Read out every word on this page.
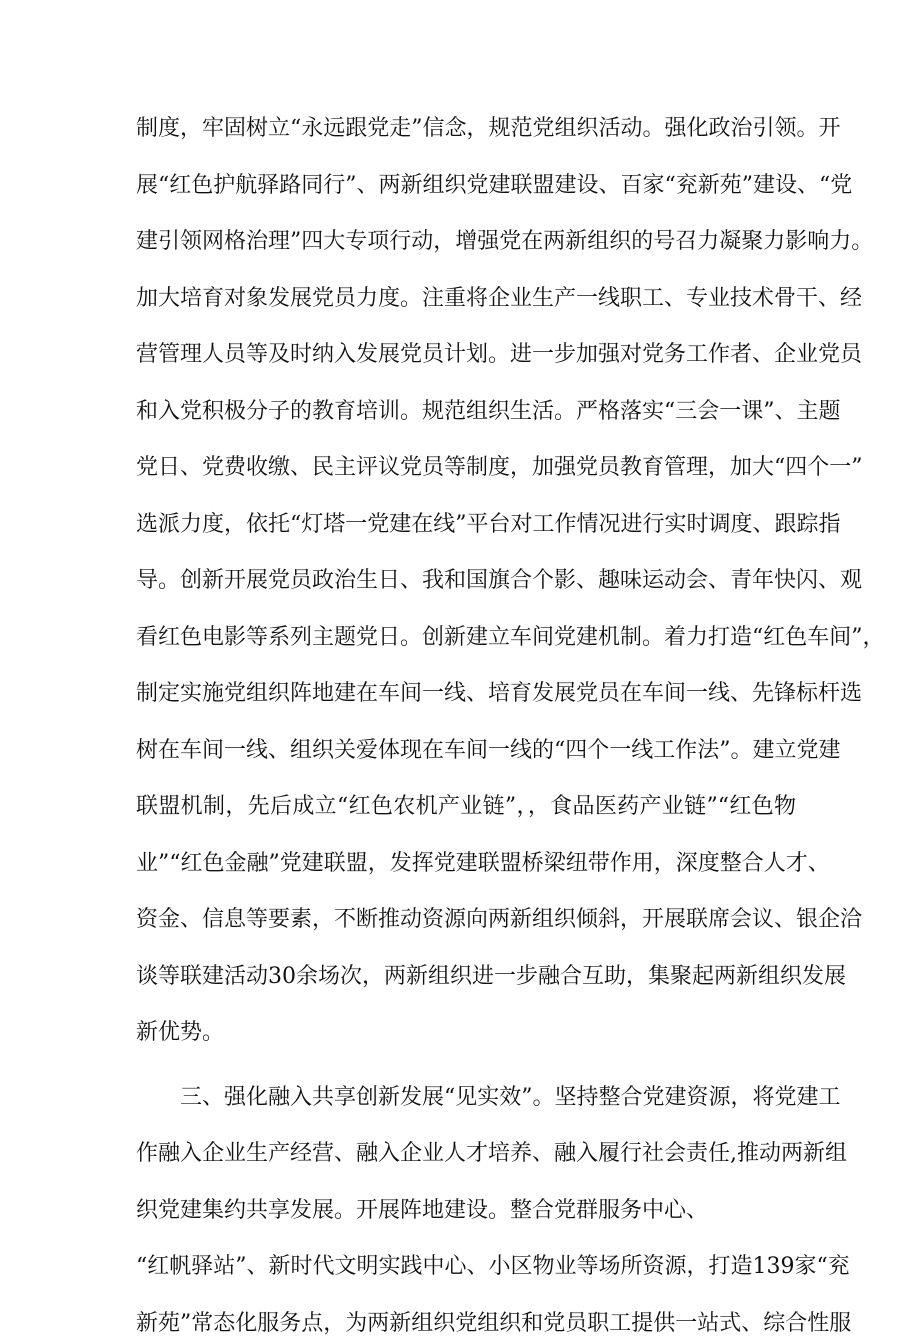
制度，牢固树立“永远跟党走”信念，规范党组织活动。强化政治引领。开
展“红色护航驿路同行”、两新组织党建联盟建设、百家“兖新苑”建设、“党
建引领网格治理”四大专项行动，增强党在两新组织的号召力凝聚力影响力。
加大培育对象发展党员力度。注重将企业生产一线职工、专业技术骨干、经
营管理人员等及时纳入发展党员计划。进一步加强对党务工作者、企业党员
和入党积极分子的教育培训。规范组织生活。严格落实“三会一课”、主题
党日、党费收缴、民主评议党员等制度，加强党员教育管理，加大“四个一”
选派力度，依托“灯塔一党建在线”平台对工作情况进行实时调度、跟踪指
导。创新开展党员政治生日、我和国旗合个影、趣味运动会、青年快闪、观
看红色电影等系列主题党日。创新建立车间党建机制。着力打造“红色车间”，
制定实施党组织阵地建在车间一线、培育发展党员在车间一线、先锋标杆选
树在车间一线、组织关爱体现在车间一线的“四个一线工作法”。建立党建
联盟机制，先后成立“红色农机产业链”，，食品医药产业链”“红色物
业”“红色金融”党建联盟，发挥党建联盟桥梁纽带作用，深度整合人才、
资金、信息等要素，不断推动资源向两新组织倾斜，开展联席会议、银企洽
谈等联建活动30余场次，两新组织进一步融合互助，集聚起两新组织发展
新优势。
三、强化融入共享创新发展“见实效”。坚持整合党建资源，将党建工
作融入企业生产经营、融入企业人才培养、融入履行社会责任,推动两新组
织党建集约共享发展。开展阵地建设。整合党群服务中心、
“红帆驿站”、新时代文明实践中心、小区物业等场所资源，打造139家“兖
新苑”常态化服务点，为两新组织党组织和党员职工提供一站式、综合性服
